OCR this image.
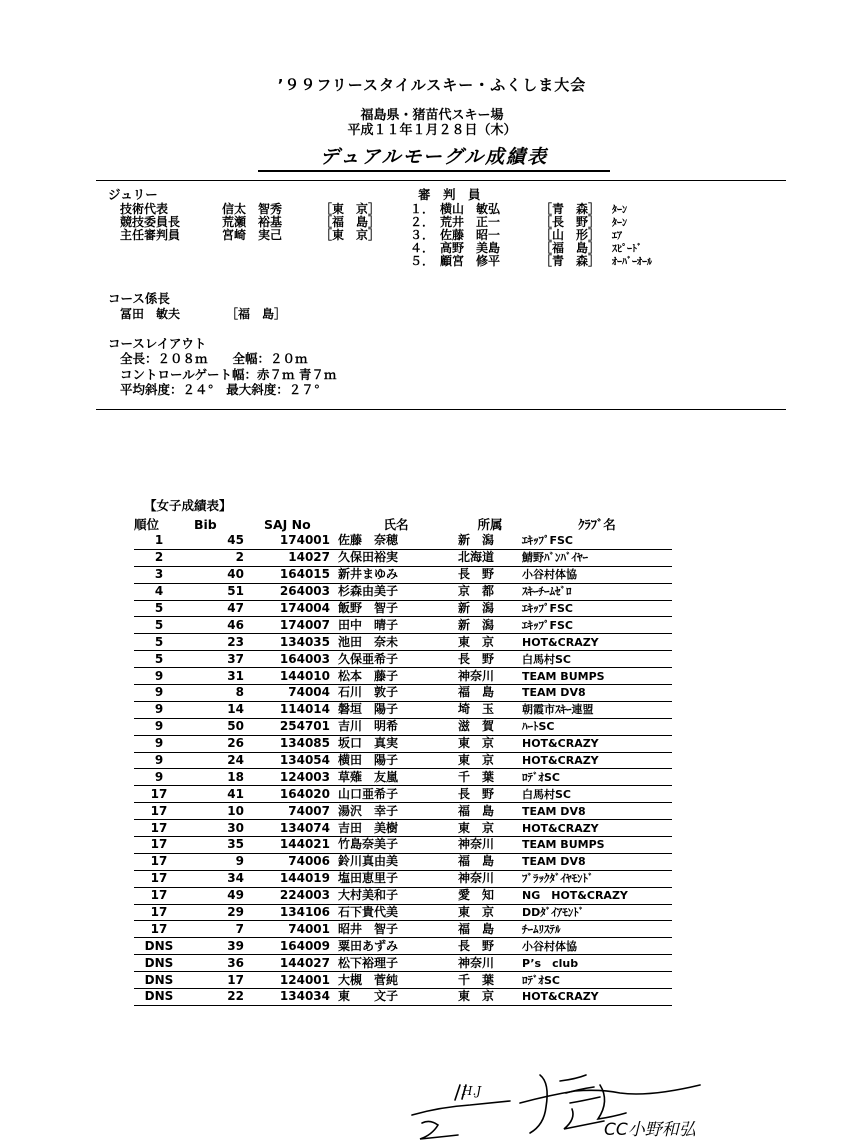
’９９フリースタイルスキー・ふくしま大会
福島県・猪苗代スキー場
平成１１年１月２８日（木）
デュアルモーグル成績表
ジュリー
技術代表	信太　智秀	［東　京］
競技委員長	荒瀬　裕基	［福　島］
主任審判員	宮崎　実己	［東　京］
審　判　員
１． 横山　敏弘	［青　森］ ﾀｰﾝ
２． 荒井　正一	［長　野］ ﾀｰﾝ
３． 佐藤　昭一	［山　形］ ｴｱ
４． 高野　美島	［福　島］ ｽﾋﾟｰﾄﾞ
５． 顧宮　修平	［青　森］ ｵｰﾊﾞｰｵｰﾙ
コース係長
冨田　敏夫	［福　島］
コースレイアウト
全長：２０８ｍ　　全幅：２０ｍ
コントロールゲート幅：赤７ｍ 青７ｍ
平均斜度：２４°　最大斜度：２７°
【女子成績表】
順位	Bib	SAJ No	氏名	所属	ｸﾗﾌﾞ名
1	45	174001	佐藤　奈穂	新　潟	ｴｷｯﾌﾟFSC
2	2	14027	久保田裕実	北海道	鯖野ﾊﾞﾝﾊﾞｲﾔｰ
3	40	164015	新井まゆみ	長　野	小谷村体協
4	51	264003	杉森由美子	京　都	ｽｷｰﾁｰﾑｾﾞﾛ
5	47	174004	飯野　智子	新　潟	ｴｷｯﾌﾟFSC
5	46	174007	田中　晴子	新　潟	ｴｷｯﾌﾟFSC
5	23	134035	池田　奈未	東　京	HOT&CRAZY
5	37	164003	久保亜希子	長　野	白馬村SC
9	31	144010	松本　藤子	神奈川	TEAM BUMPS
9	8	74004	石川　敦子	福　島	TEAM DV8
9	14	114014	磐垣　陽子	埼　玉	朝霞市ｽｷｰ連盟
9	50	254701	吉川　明希	滋　賀	ﾊｰﾄSC
9	26	134085	坂口　真実	東　京	HOT&CRAZY
9	24	134054	横田　陽子	東　京	HOT&CRAZY
9	18	124003	草薙　友嵐	千　葉	ﾛﾃﾞｵSC
17	41	164020	山口亜希子	長　野	白馬村SC
17	10	74007	湯沢　幸子	福　島	TEAM DV8
17	30	134074	吉田　美樹	東　京	HOT&CRAZY
17	35	144021	竹島奈美子	神奈川	TEAM BUMPS
17	9	74006	鈴川真由美	福　島	TEAM DV8
17	34	144019	塩田恵里子	神奈川	ﾌﾞﾗｯｸﾀﾞｲﾔﾓﾝﾄﾞ
17	49	224003	大村美和子	愛　知	NG　HOT&CRAZY
17	29	134106	石下貴代美	東　京	DDﾀﾞｲｱﾓﾝﾄﾞ
17	7	74001	昭井　智子	福　島	ﾁｰﾑﾘｽﾃﾙ
DNS	39	164009	粟田あずみ	長　野	小谷村体協
DNS	36	144027	松下裕理子	神奈川	P’s　club
DNS	17	124001	大槻　菅純	千　葉	ﾛﾃﾞｵSC
DNS	22	134034	東　　文子	東　京	HOT&CRAZY
H.J
CC小野和弘
